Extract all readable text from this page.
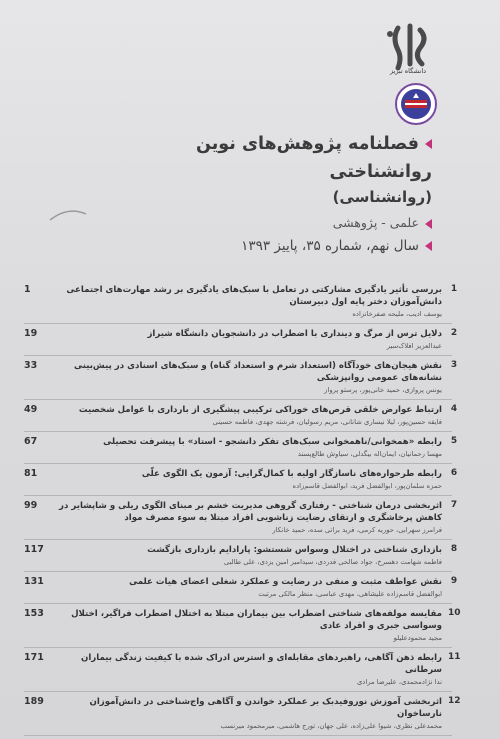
دانشگاه تبریز

فصلنامه پژوهش‌های نوین روانشناختی

(روانشناسی)

علمی - پژوهشی
سال نهم، شماره ۳۵، پاییز ۱۳۹۳
1
1	بررسی تأثیر یادگیری مشارکتی در تعامل با سبک‌های یادگیری بر رشد مهارت‌های اجتماعی دانش‌آموزان دختر پایه اول دبیرستان
یوسف ادیب، ملیحه صفرخانزاده
2
19	دلایل ترس از مرگ و دینداری با اضطراب در دانشجویان دانشگاه شیراز
عبدالعزیز افلاک‌سیر
3
33	نقش هیجان‌های خودآگاه (استعداد شرم و استعداد گناه) و سبک‌های اسنادی در پیش‌بینی نشانه‌های عمومی روانپزشکی
یونس پروازی، حمید خانی‌پور، پرستو پرواز
4
49	ارتباط عوارض خلقی قرص‌های خوراکی ترکیبی پیشگیری از بارداری با عوامل شخصیت
فایقه حسین‌پور، لیلا نیساری شانانی، مریم رسولیان، فرشته جهدی، فاطمه حسینی
5
67	رابطه «همخوانی/ناهمخوانی سبک‌های تفکر دانشجو - استاد» با پیشرفت تحصیلی
مهسا رحمانیان، ایمان‌اله بیگدلی، سیاوش طالع‌پسند
6
81	رابطه طرحواره‌های ناسازگار اولیه با کمال‌گرایی: آزمون یک الگوی علّی
حمزه سلمان‌پور، ابوالفضل فرید، ابوالفضل قاسم‌زاده
7
99	اثربخشی درمان شناختی - رفتاری گروهی مدیریت خشم بر مبنای الگوی ریلی و شاپشایر در کاهش پرخاشگری و ارتقای رضایت زناشویی افراد مبتلا به سوء مصرف مواد
فرامرز سهرابی، حوریه کرمی، فرید براتی سده، حمید خانکار
8
117	بازداری شناختی در اختلال وسواس شستشو: پارادایم بازداری بازگشت
فاطمه شهامت دهسرخ، جواد صالحی فدردی، سیدامیر امین یزدی، علی طالبی
9
131	نقش عواطف مثبت و منفی در رضایت و عملکرد شغلی اعضای هیات علمی
ابوالفضل قاسم‌زاده علیشاهی، مهدی عباسی، منظر مالکی مرتبت
10
153	مقایسه مولفه‌های شناختی اضطراب بین بیماران مبتلا به اختلال اضطراب فراگیر، اختلال وسواسی جبری و افراد عادی
مجید محمودعلیلو
11
171	رابطه ذهن آگاهی، راهبردهای مقابله‌ای و استرس ادراک شده با کیفیت زندگی بیماران سرطانی
ندا نژادمحمدی، علیرضا مرادی
12
189	اثربخشی آموزش نوروفیدبک بر عملکرد خواندن و آگاهی واج‌شناختی در دانش‌آموزان نارساخوان
محمدعلی نظری، شیوا علی‌زاده، علی جهان، تورج هاشمی، میرمحمود میرنسب
